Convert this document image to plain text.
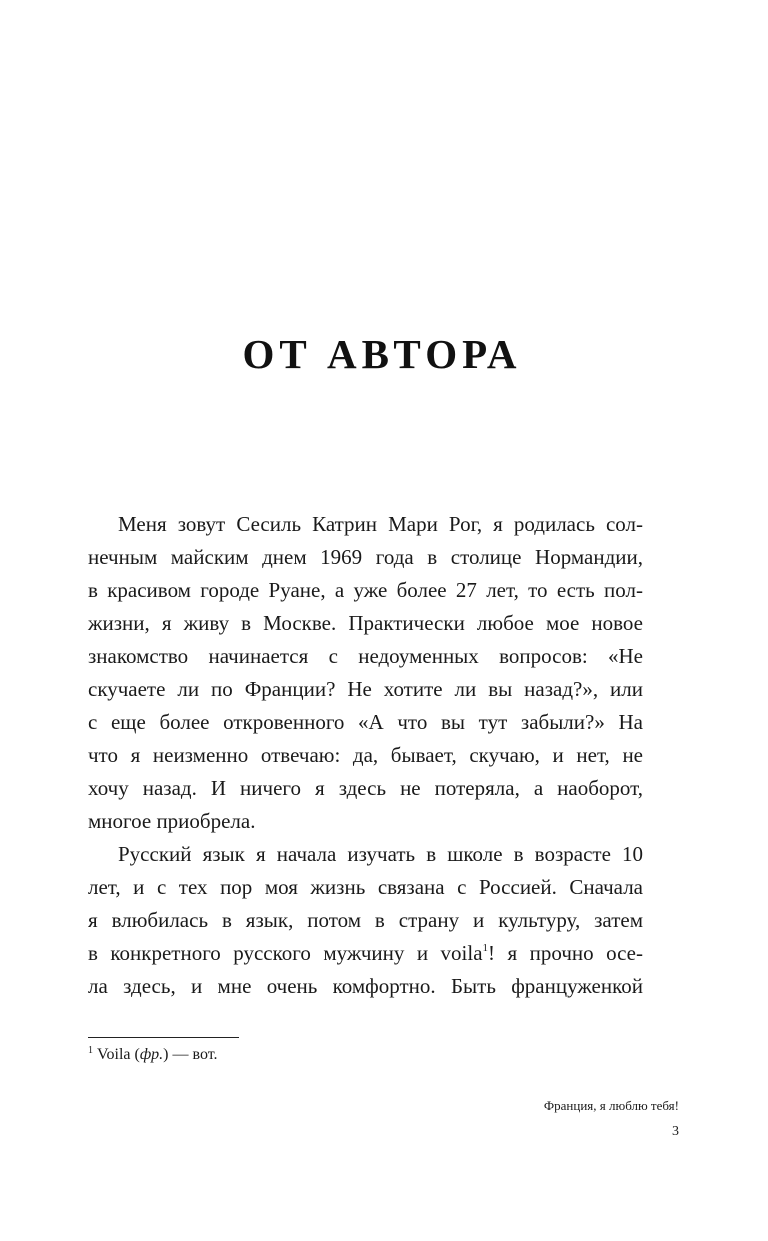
ОТ АВТОРА
Меня зовут Сесиль Катрин Мари Рог, я родилась сол-
нечным майским днем 1969 года в столице Нормандии,
в красивом городе Руане, а уже более 27 лет, то есть пол-
жизни, я живу в Москве. Практически любое мое новое
знакомство начинается с недоуменных вопросов: «Не
скучаете ли по Франции? Не хотите ли вы назад?», или
с еще более откровенного «А что вы тут забыли?» На
что я неизменно отвечаю: да, бывает, скучаю, и нет, не
хочу назад. И ничего я здесь не потеряла, а наоборот,
многое приобрела.
Русский язык я начала изучать в школе в возрасте 10
лет, и с тех пор моя жизнь связана с Россией. Сначала
я влюбилась в язык, потом в страну и культуру, затем
в конкретного русского мужчину и voila$^1$! я прочно осе-
ла здесь, и мне очень комфортно. Быть француженкой
$^1$ Voila (фр.) — вот.
Франция, я люблю тебя!
3
